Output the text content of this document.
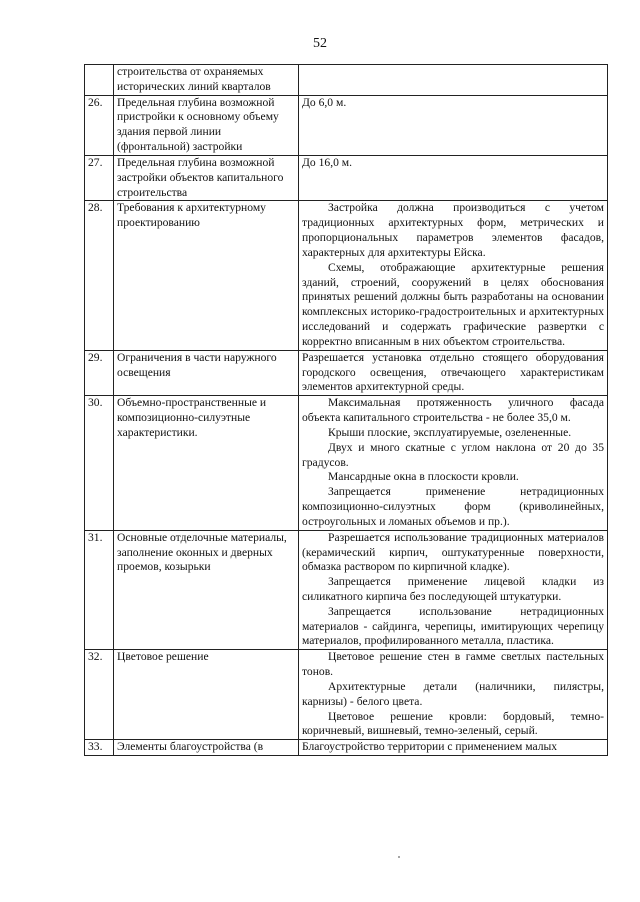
52
	строительства от охраняемых исторических линий кварталов	

26.	Предельная глубина возможной пристройки к основному объему здания первой линии (фронтальной) застройки	До 6,0 м.

27.	Предельная глубина возможной застройки объектов капитального строительства	До 16,0 м.

28.	Требования к архитектурному проектированию	Застройка должна производиться с учетом традиционных архитектурных форм, метрических и пропорциональных параметров элементов фасадов, характерных для архитектуры Ейска.

Схемы, отображающие архитектурные решения зданий, строений, сооружений в целях обоснования принятых решений должны быть разработаны на основании комплексных историко-градостроительных и архитектурных исследований и содержать графические развертки с корректно вписанным в них объектом строительства.

29.	Ограничения в части наружного освещения	Разрешается установка отдельно стоящего оборудования городского освещения, отвечающего характеристикам элементов архитектурной среды.

30.	Объемно-пространственные и композиционно-силуэтные характеристики.	Максимальная протяженность уличного фасада объекта капитального строительства - не более 35,0 м.

Крыши плоские, эксплуатируемые, озелененные.

Двух и много скатные с углом наклона от 20 до 35 градусов.

Мансардные окна в плоскости кровли.

Запрещается применение нетрадиционных композиционно-силуэтных форм (криволинейных, остроугольных и ломаных объемов и пр.).

31.	Основные отделочные материалы, заполнение оконных и дверных проемов, козырьки	Разрешается использование традиционных материалов (керамический кирпич, оштукатуренные поверхности, обмазка раствором по кирпичной кладке).

Запрещается применение лицевой кладки из силикатного кирпича без последующей штукатурки.

Запрещается использование нетрадиционных материалов - сайдинга, черепицы, имитирующих черепицу материалов, профилированного металла, пластика.

32.	Цветовое решение	Цветовое решение стен в гамме светлых пастельных тонов.

Архитектурные детали (наличники, пилястры, карнизы) - белого цвета.

Цветовое решение кровли: бордовый, темно-коричневый, вишневый, темно-зеленый, серый.

33.	Элементы благоустройства (в	Благоустройство территории с применением малых
